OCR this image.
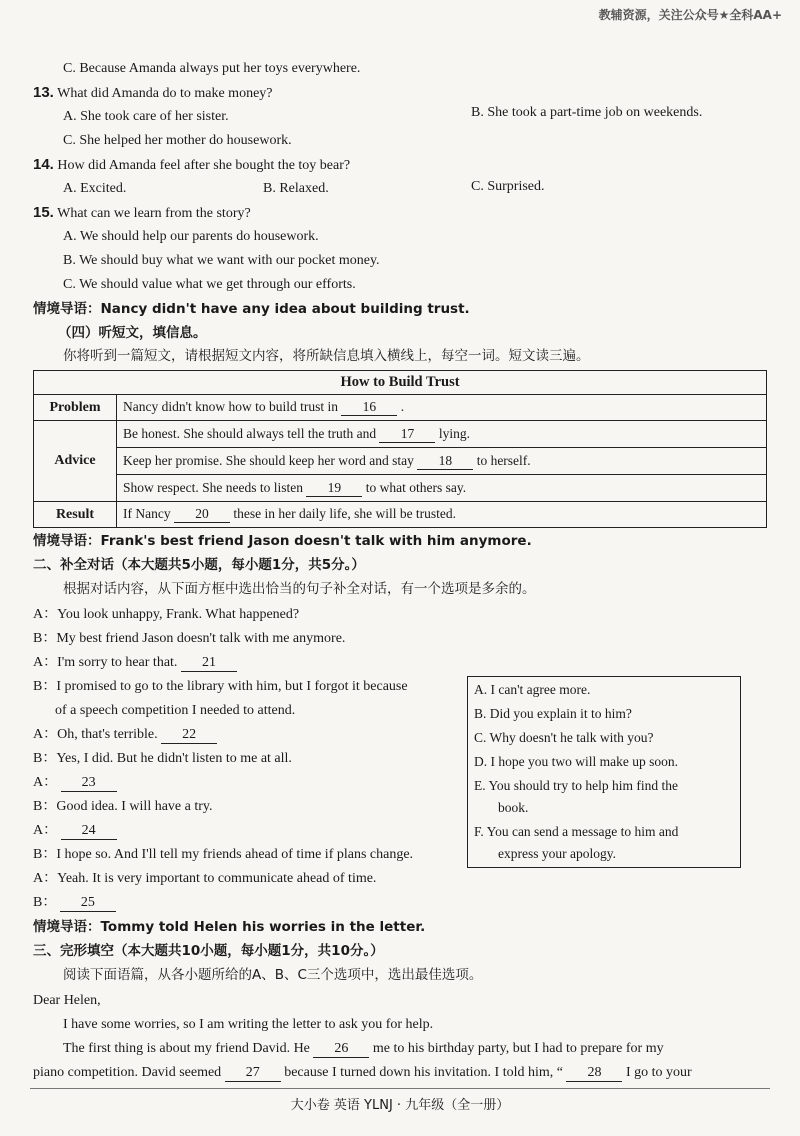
教辅资源，关注公众号★全科AA+
C. Because Amanda always put her toys everywhere.
13. What did Amanda do to make money?
A. She took care of her sister.	B. She took a part-time job on weekends.
C. She helped her mother do housework.
14. How did Amanda feel after she bought the toy bear?
A. Excited.	B. Relaxed.	C. Surprised.
15. What can we learn from the story?
A. We should help our parents do housework.
B. We should buy what we want with our pocket money.
C. We should value what we get through our efforts.
情境导语：Nancy didn't have any idea about building trust.
（四）听短文，填信息。
你将听到一篇短文，请根据短文内容，将所缺信息填入横线上，每空一词。短文读三遍。
How to Build Trust	
Problem	Nancy didn't know how to build trust in 16 .
Advice	Be honest. She should always tell the truth and 17 lying.
	Keep her promise. She should keep her word and stay 18 to herself.
	Show respect. She needs to listen 19 to what others say.
Result	If Nancy 20 these in her daily life, she will be trusted.
情境导语：Frank's best friend Jason doesn't talk with him anymore.
二、补全对话（本大题共5小题，每小题1分，共5分。）
根据对话内容，从下面方框中选出恰当的句子补全对话，有一个选项是多余的。
A：You look unhappy, Frank. What happened?
B：My best friend Jason doesn't talk with me anymore.
A：I'm sorry to hear that. 21
B：I promised to go to the library with him, but I forgot it because
of a speech competition I needed to attend.
A：Oh, that's terrible. 22
B：Yes, I did. But he didn't listen to me at all.
A： 23
B：Good idea. I will have a try.
A： 24
B：I hope so. And I'll tell my friends ahead of time if plans change.
A：Yeah. It is very important to communicate ahead of time.
B： 25
A. I can't agree more.
B. Did you explain it to him?
C. Why doesn't he talk with you?
D. I hope you two will make up soon.
E. You should try to help him find the
book.
F. You can send a message to him and
express your apology.
情境导语：Tommy told Helen his worries in the letter.
三、完形填空（本大题共10小题，每小题1分，共10分。）
阅读下面语篇，从各小题所给的A、B、C三个选项中，选出最佳选项。
Dear Helen,
I have some worries, so I am writing the letter to ask you for help.
The first thing is about my friend David. He 26 me to his birthday party, but I had to prepare for my
piano competition. David seemed 27 because I turned down his invitation. I told him, “ 28 I go to your
大小卷 英语 YLNJ · 九年级（全一册）
